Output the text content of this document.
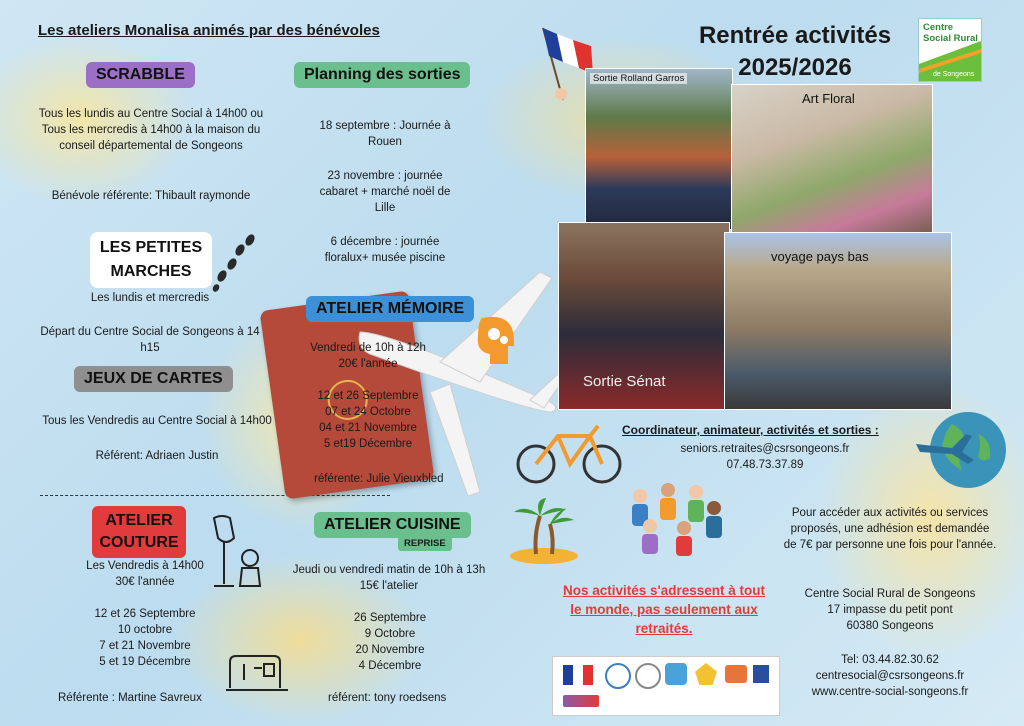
Les ateliers Monalisa animés par des bénévoles	Rentrée activités
2025/2026
Centre
Social Rural
de Songeons
SCRABBLE
Tous les lundis au Centre Social à 14h00 ou
Tous les mercredis à 14h00 à la maison du
conseil départemental de Songeons
Bénévole référente: Thibault raymonde
LES PETITES
MARCHES
Les lundis et mercredis
Départ du Centre Social de Songeons à 14
h15
JEUX DE CARTES
Tous les Vendredis au Centre Social à 14h00
Référent: Adriaen Justin
ATELIER
COUTURE
Les Vendredis à 14h00
30€ l'année
12 et 26 Septembre
10 octobre
7 et 21 Novembre
5 et 19 Décembre
Référente : Martine Savreux
Planning des sorties
18 septembre : Journée à
Rouen
23 novembre : journée
cabaret + marché noël de
Lille
6 décembre : journée
floralux+ musée piscine
ATELIER MÉMOIRE
Vendredi de 10h à 12h
20€ l'année
12 et 26 Septembre
07 et 24 Octobre
04 et 21 Novembre
5 et19 Décembre
référente: Julie Vieuxbled
ATELIER CUISINE
REPRISE
Jeudi ou vendredi matin de 10h à 13h
15€ l'atelier
26 Septembre
9 Octobre
20 Novembre
4 Décembre
référent: tony roedsens
Sortie Rolland Garros
Art Floral
Sortie Sénat
voyage pays bas
Coordinateur, animateur, activités et sorties :
seniors.retraites@csrsongeons.fr
07.48.73.37.89
Pour accéder aux activités ou services
proposés, une adhésion est demandée
de 7€ par personne une fois pour l'année.
Nos activités s'adressent à tout
le monde, pas seulement aux
retraités.
Centre Social Rural de Songeons
17 impasse du petit pont
60380 Songeons
Tel: 03.44.82.30.62
centresocial@csrsongeons.fr
www.centre-social-songeons.fr
